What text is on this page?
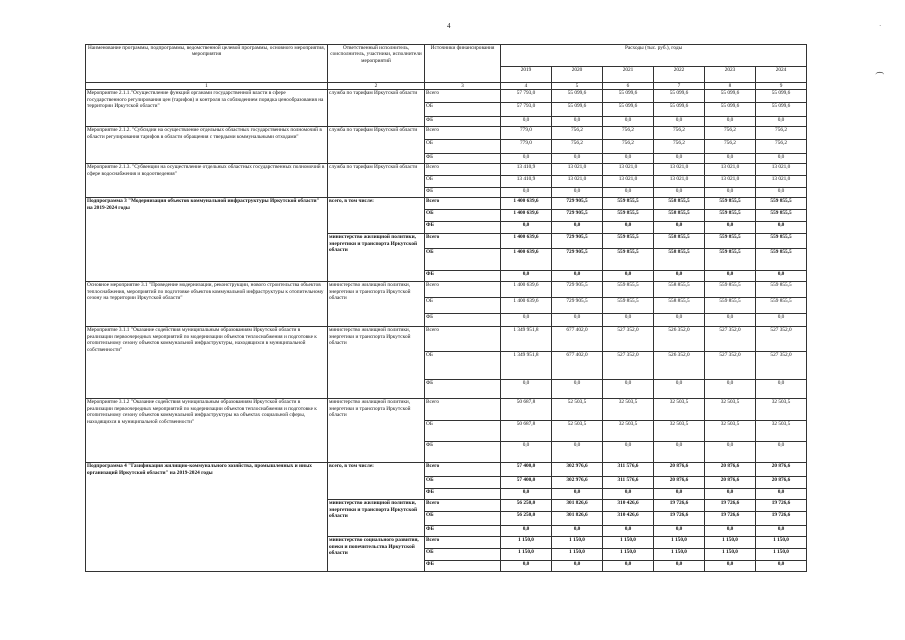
4	·
(
Наименование программы, подпрограммы, ведомственной целевой программы, основного мероприятия, мероприятия	Ответственный исполнитель, соисполнитель, участники, исполнители мероприятий	Источники финансирования	Расходы (тыс. руб.), годы					
			2019	2020	2021	2022	2023	2024
1	2	3	4	5	6	7	8	9
Мероприятие 2.1.1."Осуществление функций органами государственной власти в сфере государственного регулирования цен (тарифов) и контроля за соблюдением порядка ценообразования на территории Иркутской области"	служба по тарифам Иркутской области	Всего	57 793,0	55 099,6	55 099,6	55 099,6	55 099,6	55 099,6
		ОБ	57 793,0	55 099,6	55 099,6	55 099,6	55 099,6	55 099,6
		ФБ	0,0	0,0	0,0	0,0	0,0	0,0
Мероприятие 2.1.2. "Субсидии на осуществление отдельных областных государственных полномочий в области регулирования тарифов в области обращения с твердыми коммунальными отходами"	служба по тарифам Иркутской области	Всего	779,0	756,2	756,2	756,2	756,2	756,2
		ОБ	779,0	756,2	756,2	756,2	756,2	756,2
		ФБ	0,0	0,0	0,0	0,0	0,0	0,0
Мероприятие 2.1.3. "Субвенции на осуществление отдельных областных государственных полномочий в сфере водоснабжения и водоотведения"	служба по тарифам Иркутской области	Всего	13 410,9	13 021,0	13 021,0	13 021,0	13 021,0	13 021,0
		ОБ	13 410,9	13 021,0	13 021,0	13 021,0	13 021,0	13 021,0
		ФБ	0,0	0,0	0,0	0,0	0,0	0,0
Подпрограмма 3 "Модернизация объектов коммунальной инфраструктуры Иркутской области" на 2019-2024 годы	всего, в том числе:	Всего	1 400 639,6	729 905,5	559 855,5	558 855,5	559 855,5	559 855,5
		ОБ	1 400 639,6	729 905,5	559 855,5	558 855,5	559 855,5	559 855,5
		ФБ	0,0	0,0	0,0	0,0	0,0	0,0
	министерство жилищной политики, энергетики и транспорта Иркутской области	Всего	1 400 639,6	729 905,5	559 855,5	558 855,5	559 855,5	559 855,5
		ОБ	1 400 639,6	729 905,5	559 855,5	558 855,5	559 855,5	559 855,5
		ФБ	0,0	0,0	0,0	0,0	0,0	0,0
Основное мероприятие 3.1 "Проведение модернизации, реконструкции, нового строительства объектов теплоснабжения, мероприятий по подготовке объектов коммунальной инфраструктуры к отопительному сезону на территории Иркутской области"	министерство жилищной политики, энергетики и транспорта Иркутской области	Всего	1 400 639,6	729 905,5	559 855,5	558 855,5	559 855,5	559 855,5
		ОБ	1 400 639,6	729 905,5	559 855,5	558 855,5	559 855,5	559 855,5
		ФБ	0,0	0,0	0,0	0,0	0,0	0,0
Мероприятие 3.1.1 "Оказание содействия муниципальным образованиям Иркутской области в реализации первоочередных мероприятий по модернизации объектов теплоснабжения и подготовке к отопительному сезону объектов коммунальной инфраструктуры, находящихся в муниципальной собственности"	министерство жилищной политики, энергетики и транспорта Иркутской области	Всего	1 349 951,8	677 402,0	527 352,0	526 352,0	527 352,0	527 352,0
		ОБ	1 349 951,8	677 402,0	527 352,0	526 352,0	527 352,0	527 352,0
		ФБ	0,0	0,0	0,0	0,0	0,0	0,0
Мероприятие 3.1.2 "Оказание содействия муниципальным образованиям Иркутской области в реализации первоочередных мероприятий по модернизации объектов теплоснабжения и подготовке к отопительному сезону объектов коммунальной инфраструктуры на объектах социальной сферы, находящихся в муниципальной собственности"	министерство жилищной политики, энергетики и транспорта Иркутской области	Всего	50 687,8	52 503,5	32 503,5	32 503,5	32 503,5	32 503,5
		ОБ	50 687,8	52 503,5	32 503,5	32 503,5	32 503,5	32 503,5
		ФБ	0,0	0,0	0,0	0,0	0,0	0,0
Подпрограмма 4 "Газификация жилищно-коммунального хозяйства, промышленных и иных организаций Иркутской области" на 2019-2024 годы	всего, в том числе:	Всего	57 400,0	302 976,6	311 576,6	20 876,6	20 876,6	20 876,6
		ОБ	57 400,0	302 976,6	311 576,6	20 876,6	20 876,6	20 876,6
		ФБ	0,0	0,0	0,0	0,0	0,0	0,0
	министерство жилищной политики, энергетики и транспорта Иркутской области	Всего	56 250,0	301 826,6	310 426,6	19 726,6	19 726,6	19 726,6
		ОБ	56 250,0	301 826,6	310 426,6	19 726,6	19 726,6	19 726,6
		ФБ	0,0	0,0	0,0	0,0	0,0	0,0
	министерство социального развития, опеки и попечительства Иркутской области	Всего	1 150,0	1 150,0	1 150,0	1 150,0	1 150,0	1 150,0
		ОБ	1 150,0	1 150,0	1 150,0	1 150,0	1 150,0	1 150,0
		ФБ	0,0	0,0	0,0	0,0	0,0	0,0
